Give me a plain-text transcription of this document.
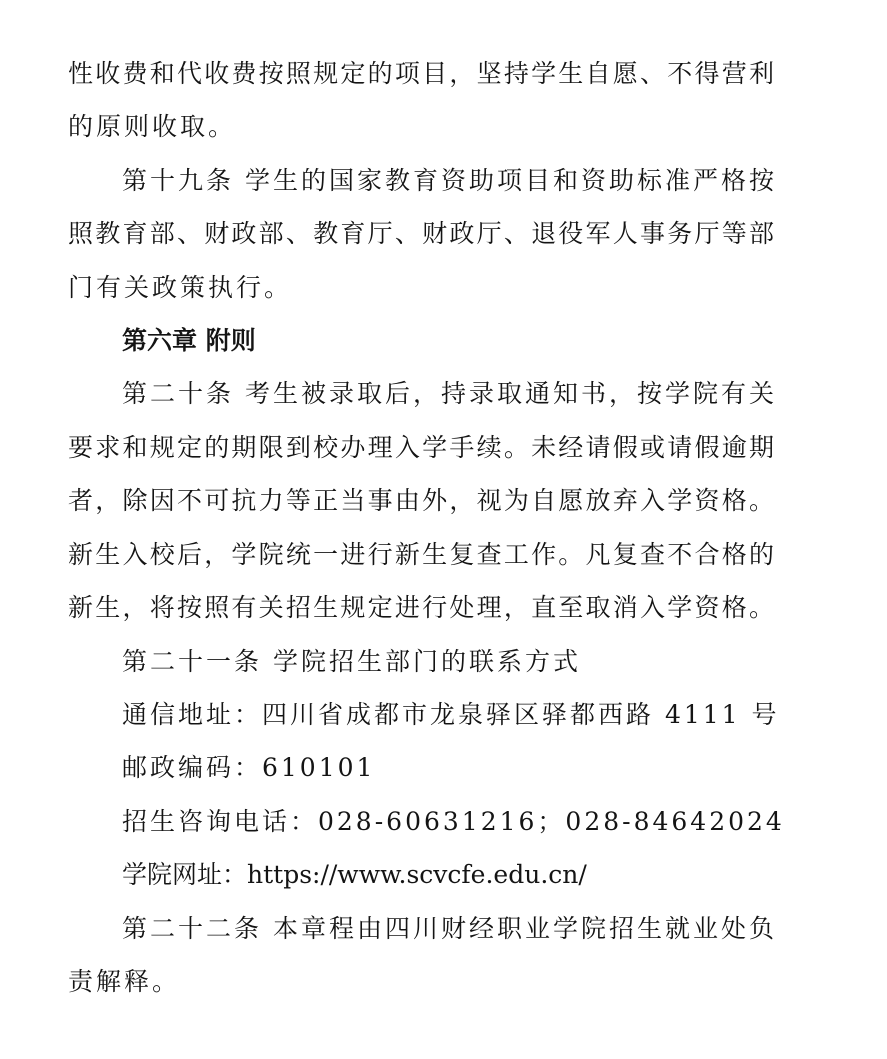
性收费和代收费按照规定的项目，坚持学生自愿、不得营利
的原则收取。
第十九条 学生的国家教育资助项目和资助标准严格按
照教育部、财政部、教育厅、财政厅、退役军人事务厅等部
门有关政策执行。
第六章 附则
第二十条 考生被录取后，持录取通知书，按学院有关
要求和规定的期限到校办理入学手续。未经请假或请假逾期
者，除因不可抗力等正当事由外，视为自愿放弃入学资格。
新生入校后，学院统一进行新生复查工作。凡复查不合格的
新生，将按照有关招生规定进行处理，直至取消入学资格。
第二十一条 学院招生部门的联系方式
通信地址：四川省成都市龙泉驿区驿都西路 4111 号
邮政编码：610101
招生咨询电话：028-60631216；028-84642024
学院网址：https://www.scvcfe.edu.cn/
第二十二条 本章程由四川财经职业学院招生就业处负
责解释。
